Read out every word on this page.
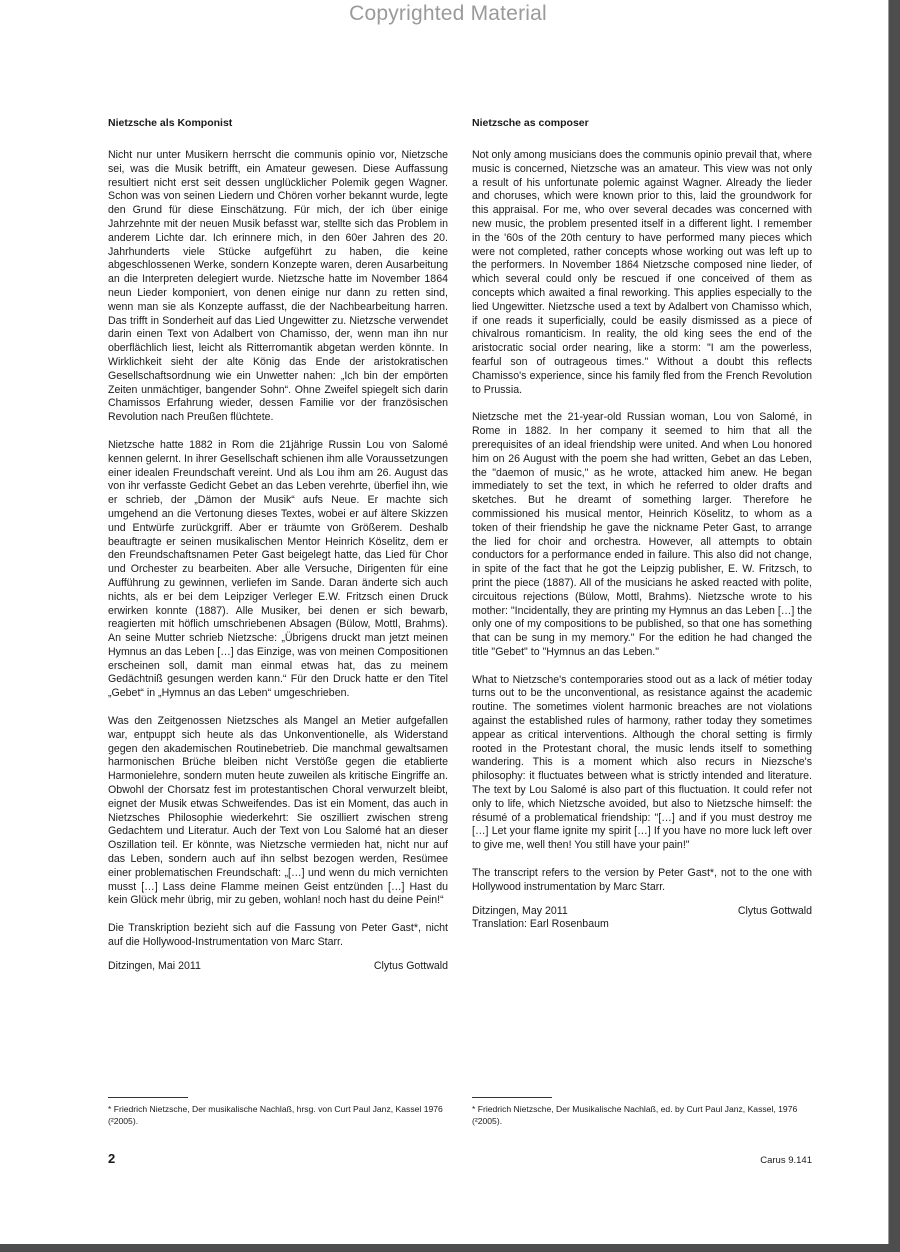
Copyrighted Material
Nietzsche als Komponist

Nicht nur unter Musikern herrscht die communis opinio vor, Nietzsche sei, was die Musik betrifft, ein Amateur gewesen. Diese Auffassung resultiert nicht erst seit dessen unglücklicher Polemik gegen Wagner. Schon was von seinen Liedern und Chören vorher bekannt wurde, legte den Grund für diese Einschätzung. Für mich, der ich über einige Jahrzehnte mit der neuen Musik befasst war, stellte sich das Problem in anderem Lichte dar. Ich erinnere mich, in den 60er Jahren des 20. Jahrhunderts viele Stücke aufgeführt zu haben, die keine abgeschlossenen Werke, sondern Konzepte waren, deren Ausarbeitung an die Interpreten delegiert wurde. Nietzsche hatte im November 1864 neun Lieder komponiert, von denen einige nur dann zu retten sind, wenn man sie als Konzepte auffasst, die der Nachbearbeitung harren. Das trifft in Sonderheit auf das Lied Ungewitter zu. Nietzsche verwendet darin einen Text von Adalbert von Chamisso, der, wenn man ihn nur oberflächlich liest, leicht als Ritterromantik abgetan werden könnte. In Wirklichkeit sieht der alte König das Ende der aristokratischen Gesellschaftsordnung wie ein Unwetter nahen: „Ich bin der empörten Zeiten unmächtiger, bangender Sohn“. Ohne Zweifel spiegelt sich darin Chamissos Erfahrung wieder, dessen Familie vor der französischen Revolution nach Preußen flüchtete.

Nietzsche hatte 1882 in Rom die 21jährige Russin Lou von Salomé kennen gelernt. In ihrer Gesellschaft schienen ihm alle Voraussetzungen einer idealen Freundschaft vereint. Und als Lou ihm am 26. August das von ihr verfasste Gedicht Gebet an das Leben verehrte, überfiel ihn, wie er schrieb, der „Dämon der Musik“ aufs Neue. Er machte sich umgehend an die Vertonung dieses Textes, wobei er auf ältere Skizzen und Entwürfe zurückgriff. Aber er träumte von Größerem. Deshalb beauftragte er seinen musikalischen Mentor Heinrich Köselitz, dem er den Freundschaftsnamen Peter Gast beigelegt hatte, das Lied für Chor und Orchester zu bearbeiten. Aber alle Versuche, Dirigenten für eine Aufführung zu gewinnen, verliefen im Sande. Daran änderte sich auch nichts, als er bei dem Leipziger Verleger E.W. Fritzsch einen Druck erwirken konnte (1887). Alle Musiker, bei denen er sich bewarb, reagierten mit höflich umschriebenen Absagen (Bülow, Mottl, Brahms). An seine Mutter schrieb Nietzsche: „Übrigens druckt man jetzt meinen Hymnus an das Leben […] das Einzige, was von meinen Compositionen erscheinen soll, damit man einmal etwas hat, das zu meinem Gedächtniß gesungen werden kann.“ Für den Druck hatte er den Titel „Gebet“ in „Hymnus an das Leben“ umgeschrieben.

Was den Zeitgenossen Nietzsches als Mangel an Metier aufgefallen war, entpuppt sich heute als das Unkonventionelle, als Widerstand gegen den akademischen Routinebetrieb. Die manchmal gewaltsamen harmonischen Brüche bleiben nicht Verstöße gegen die etablierte Harmonielehre, sondern muten heute zuweilen als kritische Eingriffe an. Obwohl der Chorsatz fest im protestantischen Choral verwurzelt bleibt, eignet der Musik etwas Schweifendes. Das ist ein Moment, das auch in Nietzsches Philosophie wiederkehrt: Sie oszilliert zwischen streng Gedachtem und Literatur. Auch der Text von Lou Salomé hat an dieser Oszillation teil. Er könnte, was Nietzsche vermieden hat, nicht nur auf das Leben, sondern auch auf ihn selbst bezogen werden, Resümee einer problematischen Freundschaft: „[…] und wenn du mich vernichten musst […] Lass deine Flamme meinen Geist entzünden […] Hast du kein Glück mehr übrig, mir zu geben, wohlan! noch hast du deine Pein!“

Die Transkription bezieht sich auf die Fassung von Peter Gast*, nicht auf die Hollywood-Instrumentation von Marc Starr.

Ditzingen, Mai 2011	Clytus Gottwald
Nietzsche as composer

Not only among musicians does the communis opinio prevail that, where music is concerned, Nietzsche was an amateur. This view was not only a result of his unfortunate polemic against Wagner. Already the lieder and choruses, which were known prior to this, laid the groundwork for this appraisal. For me, who over several decades was concerned with new music, the problem presented itself in a different light. I remember in the '60s of the 20th century to have performed many pieces which were not completed, rather concepts whose working out was left up to the performers. In November 1864 Nietzsche composed nine lieder, of which several could only be rescued if one conceived of them as concepts which awaited a final reworking. This applies especially to the lied Ungewitter. Nietzsche used a text by Adalbert von Chamisso which, if one reads it superficially, could be easily dismissed as a piece of chivalrous romanticism. In reality, the old king sees the end of the aristocratic social order nearing, like a storm: "I am the powerless, fearful son of outrageous times." Without a doubt this reflects Chamisso's experience, since his family fled from the French Revolution to Prussia.

Nietzsche met the 21-year-old Russian woman, Lou von Salomé, in Rome in 1882. In her company it seemed to him that all the prerequisites of an ideal friendship were united. And when Lou honored him on 26 August with the poem she had written, Gebet an das Leben, the "daemon of music," as he wrote, attacked him anew. He began immediately to set the text, in which he referred to older drafts and sketches. But he dreamt of something larger. Therefore he commissioned his musical mentor, Heinrich Köselitz, to whom as a token of their friendship he gave the nickname Peter Gast, to arrange the lied for choir and orchestra. However, all attempts to obtain conductors for a performance ended in failure. This also did not change, in spite of the fact that he got the Leipzig publisher, E. W. Fritzsch, to print the piece (1887). All of the musicians he asked reacted with polite, circuitous rejections (Bülow, Mottl, Brahms). Nietzsche wrote to his mother: "Incidentally, they are printing my Hymnus an das Leben […] the only one of my compositions to be published, so that one has something that can be sung in my memory." For the edition he had changed the title "Gebet" to "Hymnus an das Leben."

What to Nietzsche's contemporaries stood out as a lack of métier today turns out to be the unconventional, as resistance against the academic routine. The sometimes violent harmonic breaches are not violations against the established rules of harmony, rather today they sometimes appear as critical interventions. Although the choral setting is firmly rooted in the Protestant choral, the music lends itself to something wandering. This is a moment which also recurs in Niezsche's philosophy: it fluctuates between what is strictly intended and literature. The text by Lou Salomé is also part of this fluctuation. It could refer not only to life, which Nietzsche avoided, but also to Nietzsche himself: the résumé of a problematical friendship: "[…] and if you must destroy me […] Let your flame ignite my spirit […] If you have no more luck left over to give me, well then! You still have your pain!"

The transcript refers to the version by Peter Gast*, not to the one with Hollywood instrumentation by Marc Starr.

Ditzingen, May 2011	Clytus Gottwald
Translation: Earl Rosenbaum
* Friedrich Nietzsche, Der musikalische Nachlaß, hrsg. von Curt Paul Janz, Kassel 1976 (²2005).
* Friedrich Nietzsche, Der Musikalische Nachlaß, ed. by Curt Paul Janz, Kassel, 1976 (²2005).
2	Carus 9.141
